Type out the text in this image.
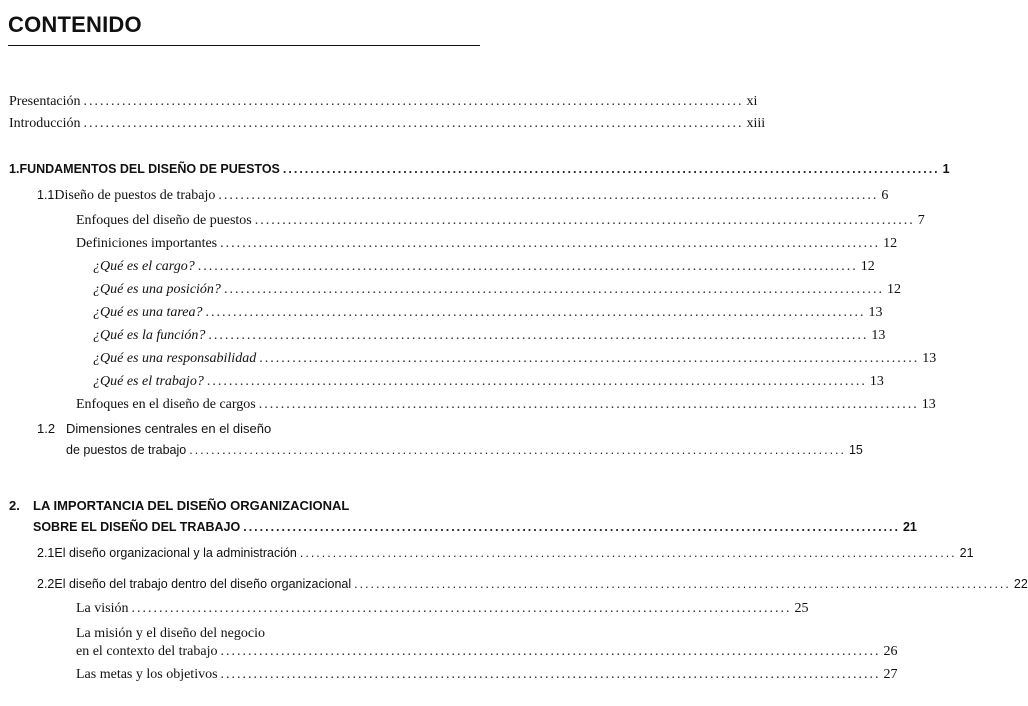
CONTENIDO
Presentación ........................................................................................................................ xi
Introducción ........................................................................................................................ xiii
1. FUNDAMENTOS DEL DISEÑO DE PUESTOS ........................................................................................................................ 1
1.1 Diseño de puestos de trabajo ........................................................................................................................ 6
Enfoques del diseño de puestos ........................................................................................................................ 7
Definiciones importantes ........................................................................................................................ 12
¿Qué es el cargo? ........................................................................................................................ 12
¿Qué es una posición? ........................................................................................................................ 12
¿Qué es una tarea? ........................................................................................................................ 13
¿Qué es la función? ........................................................................................................................ 13
¿Qué es una responsabilidad ........................................................................................................................ 13
¿Qué es el trabajo? ........................................................................................................................ 13
Enfoques en el diseño de cargos ........................................................................................................................ 13
1.2 Dimensiones centrales en el diseño
de puestos de trabajo ........................................................................................................................ 15
2. LA IMPORTANCIA DEL DISEÑO ORGANIZACIONAL
SOBRE EL DISEÑO DEL TRABAJO ........................................................................................................................ 21
2.1 El diseño organizacional y la administración ........................................................................................................................ 21
2.2 El diseño del trabajo dentro del diseño organizacional ........................................................................................................................ 22
La visión ........................................................................................................................ 25
La misión y el diseño del negocio
en el contexto del trabajo ........................................................................................................................ 26
Las metas y los objetivos ........................................................................................................................ 27
